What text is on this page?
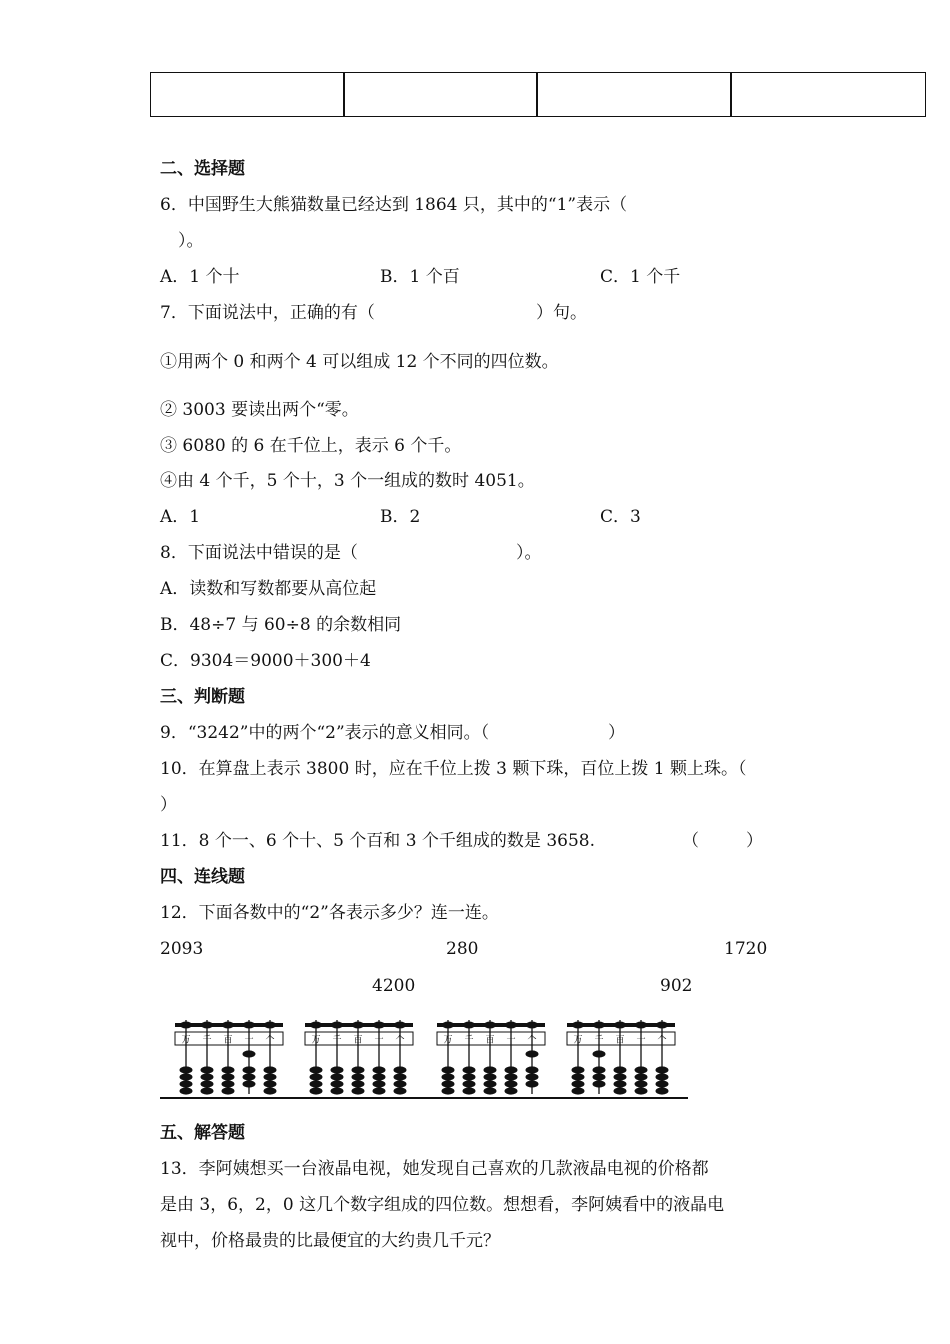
二、选择题
6．中国野生大熊猫数量已经达到 1864 只，其中的“1”表示（
）。
A．1 个十	B．1 个百	C．1 个千
7．下面说法中，正确的有（	）句。
①用两个 0 和两个 4 可以组成 12 个不同的四位数。
② 3003 要读出两个“零。
③ 6080 的 6 在千位上，表示 6 个千。
④由 4 个千，5 个十，3 个一组成的数时 4051。
A．1	B．2	C．3
8．下面说法中错误的是（	）。
A．读数和写数都要从高位起
B．48÷7 与 60÷8 的余数相同
C．9304＝9000＋300＋4
三、判断题
9．“3242”中的两个“2”表示的意义相同。（	）
10．在算盘上表示 3800 时，应在千位上拨 3 颗下珠，百位上拨 1 颗上珠。（
）
11．8 个一、6 个十、5 个百和 3 个千组成的数是 3658.	（	）
四、连线题
12．下面各数中的“2”各表示多少？连一连。
2093	280	1720
4200	902
万 千 百 十 个	万 千 百 十 个	万 千 百 十 个	万 千 百 十 个
五、解答题
13．李阿姨想买一台液晶电视，她发现自己喜欢的几款液晶电视的价格都
是由 3，6，2，0 这几个数字组成的四位数。想想看，李阿姨看中的液晶电
视中，价格最贵的比最便宜的大约贵几千元？
